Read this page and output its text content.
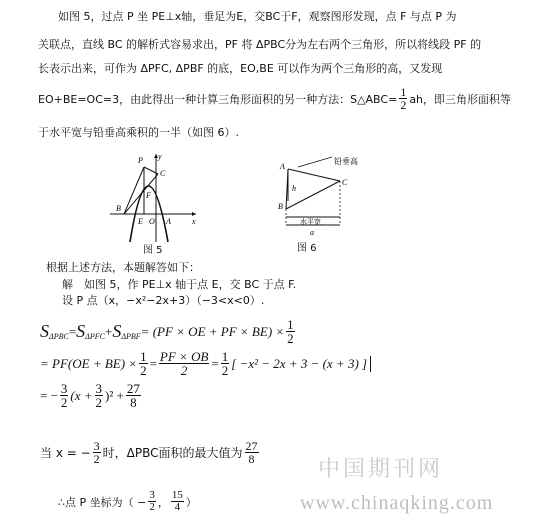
如图 5，过点 P 坐 PE⊥x轴，垂足为E，交BC于F，观察图形发现，点 F 与点 P 为
关联点，直线 BC 的解析式容易求出，PF 将 ΔPBC分为左右两个三角形，所以将线段 PF 的
长表示出来，可作为 ΔPFC, ΔPBF 的底，EO,BE 可以作为两个三角形的高，又发现
EO+BE=OC=3，由此得出一种计算三角形面积的另一种方法：S△ABC= $\frac{1}{2}$ ah，即三角形面积等
于水平宽与铅垂高乘积的一半（如图 6）.
y
x
P
C
B
E O
F
A
图 5
铅垂高
A
B
C
h
水平宽
a
图 6
根据上述方法，本题解答如下：
解　如图 5，作 PE⊥x 轴于点 E，交 BC 于点 F.
设 P 点（x，−x²−2x+3）（−3<x<0）.
S ΔPBC = S ΔPFC + S ΔPBF = (PF × OE + PF × $BE) \times \frac{1}{2}$
= $PF(OE + BE) \times \frac{1}{2} = \frac{PF \times OB}{2} = \frac{1}{2}$ [ −x² − 2x + 3 − (x + 3) ]
= − $\frac{3}{2} (x + \frac{3}{2} )^2 + \frac{27}{8}$
当 x = − $\frac{3}{2}$ 时，ΔPBC面积的最大值为 $\frac{27}{8}$
∴点 P 坐标为（ − $\frac{3}{2}$ ， $\frac{15}{4}$ ）
中国期刊网
www.chinaqking.com
